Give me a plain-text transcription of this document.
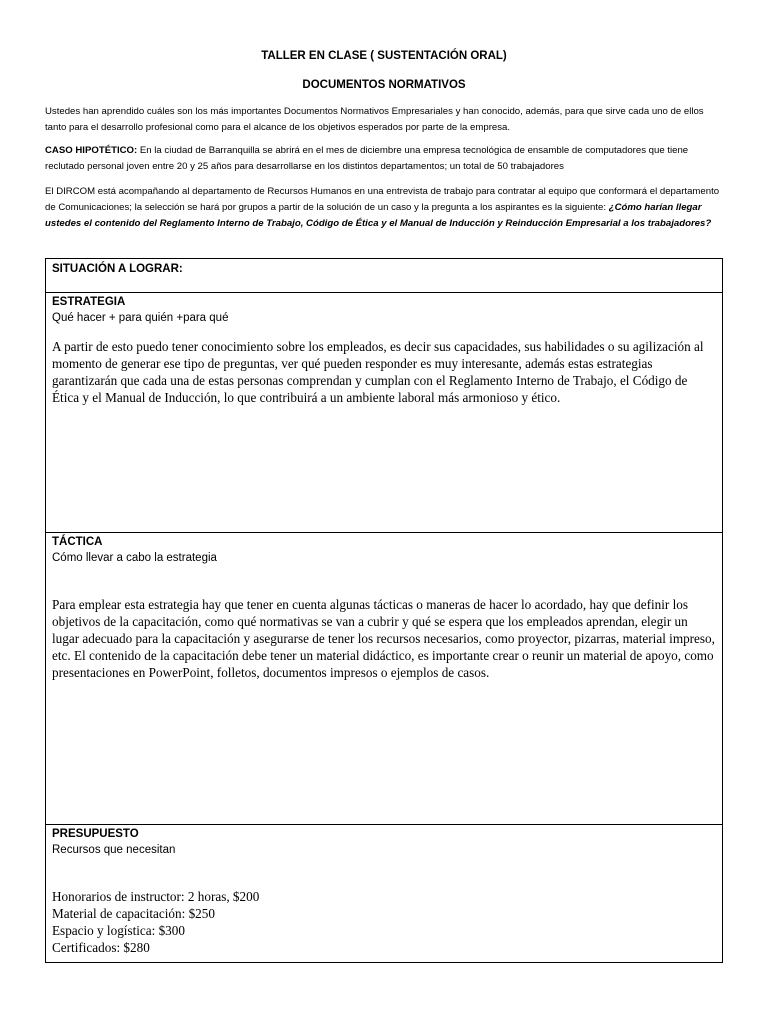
TALLER EN CLASE ( SUSTENTACIÓN ORAL)

DOCUMENTOS NORMATIVOS

Ustedes han aprendido cuáles son los más importantes Documentos Normativos Empresariales y han conocido, además, para que sirve cada uno de ellos tanto para el desarrollo profesional como para el alcance de los objetivos esperados por parte de la empresa.

CASO HIPOTÉTICO: En la ciudad de Barranquilla se abrirá en el mes de diciembre una empresa tecnológica de ensamble de computadores que tiene reclutado personal joven entre 20 y 25 años para desarrollarse en los distintos departamentos; un total de 50 trabajadores

El DIRCOM está acompañando al departamento de Recursos Humanos en una entrevista de trabajo para contratar al equipo que conformará el departamento de Comunicaciones; la selección se hará por grupos a partir de la solución de un caso y la pregunta a los aspirantes es la siguiente: ¿Cómo harían llegar ustedes el contenido del Reglamento Interno de Trabajo, Código de Ética y el Manual de Inducción y Reinducción Empresarial a los trabajadores?

SITUACIÓN A LOGRAR:

ESTRATEGIA

Qué hacer + para quién +para qué

A partir de esto puedo tener conocimiento sobre los empleados, es decir sus capacidades, sus habilidades o su agilización al momento de generar ese tipo de preguntas, ver qué pueden responder es muy interesante, además estas estrategias garantizarán que cada una de estas personas comprendan y cumplan con el Reglamento Interno de Trabajo, el Código de Ética y el Manual de Inducción, lo que contribuirá a un ambiente laboral más armonioso y ético.

TÁCTICA

Cómo llevar a cabo la estrategia

Para emplear esta estrategia hay que tener en cuenta algunas tácticas o maneras de hacer lo acordado, hay que definir los objetivos de la capacitación, como qué normativas se van a cubrir y qué se espera que los empleados aprendan, elegir un lugar adecuado para la capacitación y asegurarse de tener los recursos necesarios, como proyector, pizarras, material impreso, etc. El contenido de la capacitación debe tener un material didáctico, es importante crear o reunir un material de apoyo, como presentaciones en PowerPoint, folletos, documentos impresos o ejemplos de casos.

PRESUPUESTO

Recursos que necesitan

Honorarios de instructor: 2 horas, $200

Material de capacitación: $250

Espacio y logística: $300

Certificados: $280
